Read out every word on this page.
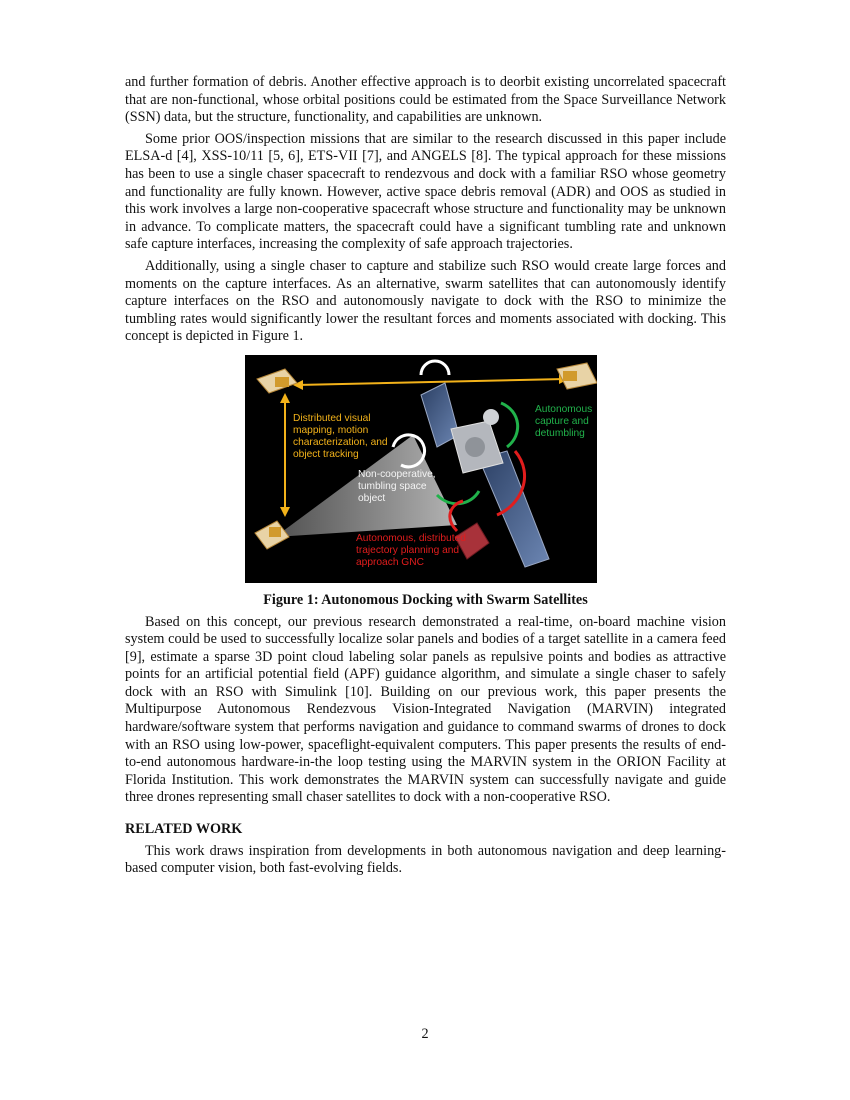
and further formation of debris. Another effective approach is to deorbit existing uncorrelated spacecraft that are non-functional, whose orbital positions could be estimated from the Space Surveillance Network (SSN) data, but the structure, functionality, and capabilities are unknown.

Some prior OOS/inspection missions that are similar to the research discussed in this paper include ELSA-d [4], XSS-10/11 [5, 6], ETS-VII [7], and ANGELS [8]. The typical approach for these missions has been to use a single chaser spacecraft to rendezvous and dock with a familiar RSO whose geometry and functionality are fully known. However, active space debris removal (ADR) and OOS as studied in this work involves a large non-cooperative spacecraft whose structure and functionality may be unknown in advance. To complicate matters, the spacecraft could have a significant tumbling rate and unknown safe capture interfaces, increasing the complexity of safe approach trajectories.

Additionally, using a single chaser to capture and stabilize such RSO would create large forces and moments on the capture interfaces. As an alternative, swarm satellites that can autonomously identify capture interfaces on the RSO and autonomously navigate to dock with the RSO to minimize the tumbling rates would significantly lower the resultant forces and moments associated with docking. This concept is depicted in Figure 1.

Distributed visual mapping, motion characterization, and object tracking
Autonomous capture and detumbling
Non-cooperative, tumbling space object
Autonomous, distributed trajectory planning and approach GNC
Figure 1: Autonomous Docking with Swarm Satellites

Based on this concept, our previous research demonstrated a real-time, on-board machine vision system could be used to successfully localize solar panels and bodies of a target satellite in a camera feed [9], estimate a sparse 3D point cloud labeling solar panels as repulsive points and bodies as attractive points for an artificial potential field (APF) guidance algorithm, and simulate a single chaser to safely dock with an RSO with Simulink [10]. Building on our previous work, this paper presents the Multipurpose Autonomous Rendezvous Vision-Integrated Navigation (MARVIN) integrated hardware/software system that performs navigation and guidance to command swarms of drones to dock with an RSO using low-power, spaceflight-equivalent computers. This paper presents the results of end-to-end autonomous hardware-in-the loop testing using the MARVIN system in the ORION Facility at Florida Institution. This work demonstrates the MARVIN system can successfully navigate and guide three drones representing small chaser satellites to dock with a non-cooperative RSO.

RELATED WORK

This work draws inspiration from developments in both autonomous navigation and deep learning-based computer vision, both fast-evolving fields.

2
